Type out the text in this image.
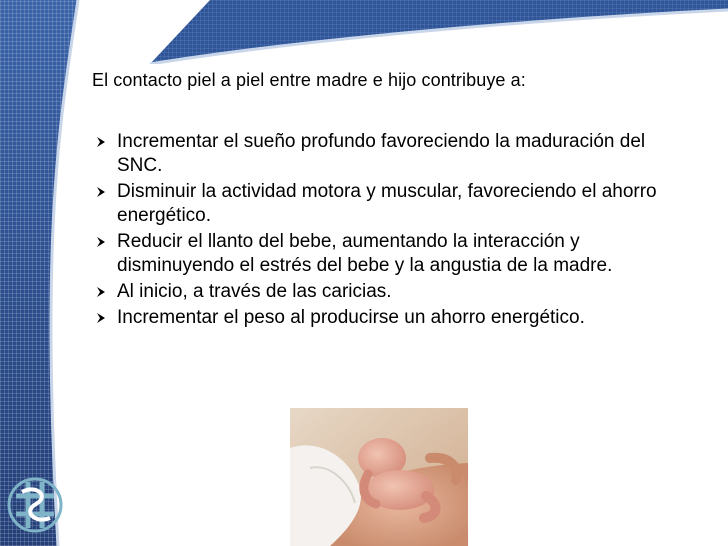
El contacto piel a piel entre madre e hijo contribuye a:
Incrementar el sueño profundo favoreciendo la maduración del SNC.
Disminuir la actividad motora y muscular, favoreciendo el ahorro energético.
Reducir el llanto del bebe, aumentando la interacción y disminuyendo el estrés del bebe y la angustia de la madre.
Al inicio, a través de las caricias.
Incrementar el peso al producirse un ahorro energético.
